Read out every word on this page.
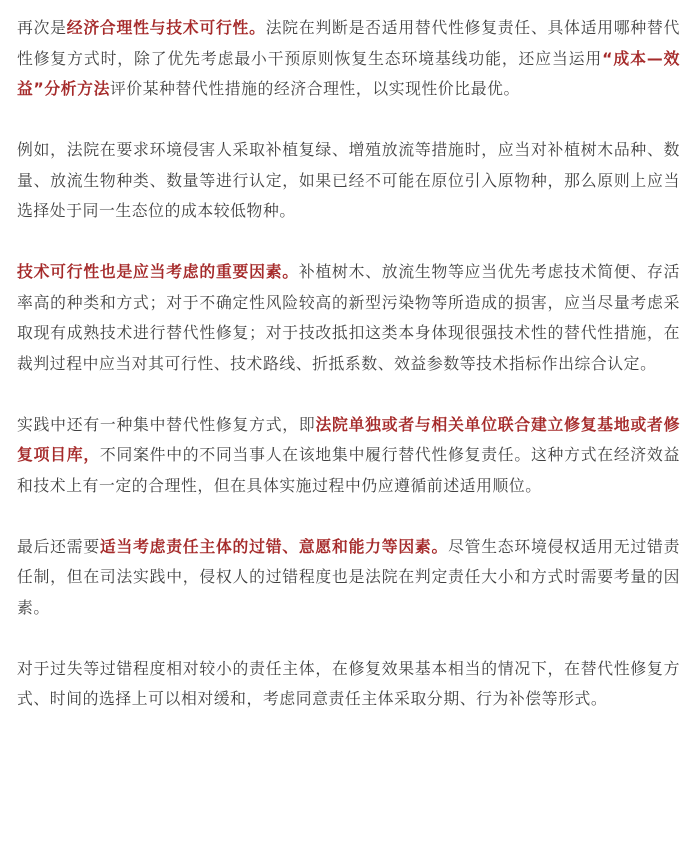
再次是经济合理性与技术可行性。法院在判断是否适用替代性修复责任、具体适用哪种替代性修复方式时，除了优先考虑最小干预原则恢复生态环境基线功能，还应当运用“成本—效益”分析方法评价某种替代性措施的经济合理性，以实现性价比最优。

例如，法院在要求环境侵害人采取补植复绿、增殖放流等措施时，应当对补植树木品种、数量、放流生物种类、数量等进行认定，如果已经不可能在原位引入原物种，那么原则上应当选择处于同一生态位的成本较低物种。

技术可行性也是应当考虑的重要因素。补植树木、放流生物等应当优先考虑技术简便、存活率高的种类和方式；对于不确定性风险较高的新型污染物等所造成的损害，应当尽量考虑采取现有成熟技术进行替代性修复；对于技改抵扣这类本身体现很强技术性的替代性措施，在裁判过程中应当对其可行性、技术路线、折抵系数、效益参数等技术指标作出综合认定。

实践中还有一种集中替代性修复方式，即法院单独或者与相关单位联合建立修复基地或者修复项目库，不同案件中的不同当事人在该地集中履行替代性修复责任。这种方式在经济效益和技术上有一定的合理性，但在具体实施过程中仍应遵循前述适用顺位。

最后还需要适当考虑责任主体的过错、意愿和能力等因素。尽管生态环境侵权适用无过错责任制，但在司法实践中，侵权人的过错程度也是法院在判定责任大小和方式时需要考量的因素。

对于过失等过错程度相对较小的责任主体，在修复效果基本相当的情况下，在替代性修复方式、时间的选择上可以相对缓和，考虑同意责任主体采取分期、行为补偿等形式。
